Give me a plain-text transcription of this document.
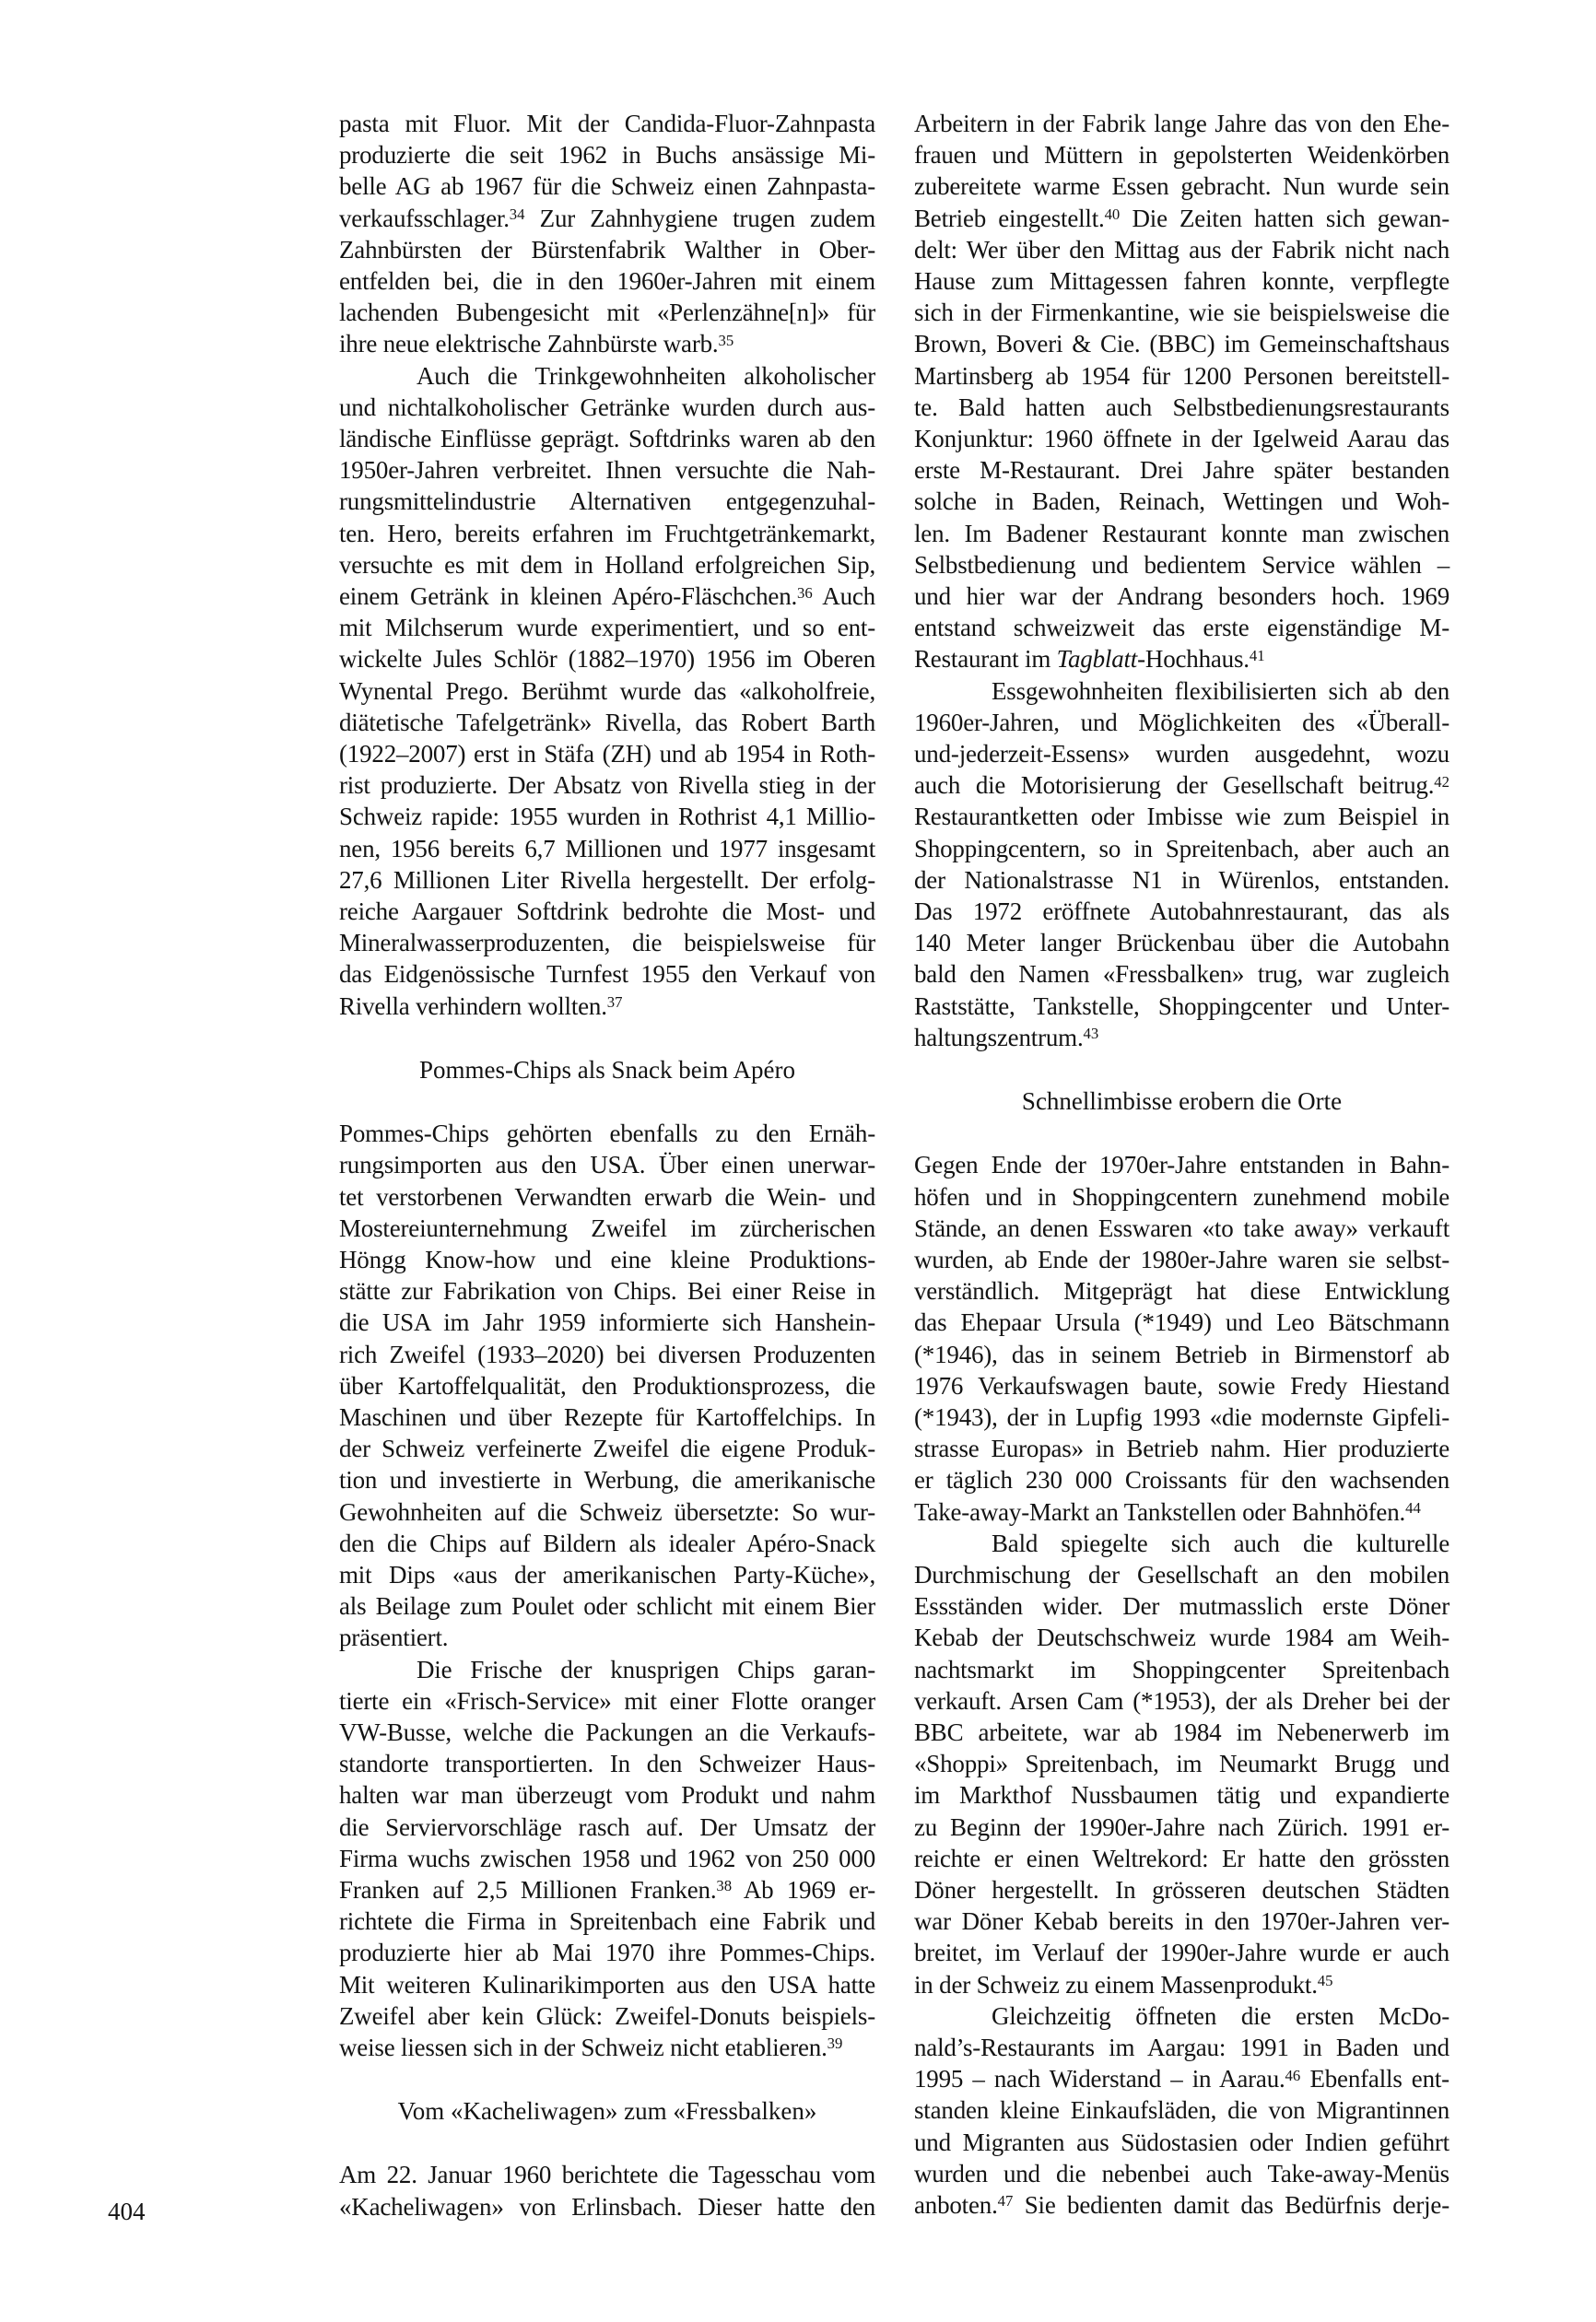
pasta mit Fluor. Mit der Candida-Fluor-Zahnpasta
produzierte die seit 1962 in Buchs ansässige Mi-
belle AG ab 1967 für die Schweiz einen Zahnpasta-
verkaufsschlager.$^{34}$ Zur Zahnhygiene trugen zudem
Zahnbürsten der Bürstenfabrik Walther in Ober-
entfelden bei, die in den 1960er-Jahren mit einem
lachenden Bubengesicht mit «Perlenzähne[n]» für
ihre neue elektrische Zahnbürste warb.$^{35}$
Auch die Trinkgewohnheiten alkoholischer
und nichtalkoholischer Getränke wurden durch aus-
ländische Einflüsse geprägt. Softdrinks waren ab den
1950er-Jahren verbreitet. Ihnen versuchte die Nah-
rungsmittelindustrie Alternativen entgegenzuhal-
ten. Hero, bereits erfahren im Fruchtgetränkemarkt,
versuchte es mit dem in Holland erfolgreichen Sip,
einem Getränk in kleinen Apéro-Fläschchen.$^{36}$ Auch
mit Milchserum wurde experimentiert, und so ent-
wickelte Jules Schlör (1882–1970) 1956 im Oberen
Wynental Prego. Berühmt wurde das «alkoholfreie,
diätetische Tafelgetränk» Rivella, das Robert Barth
(1922–2007) erst in Stäfa (ZH) und ab 1954 in Roth-
rist produzierte. Der Absatz von Rivella stieg in der
Schweiz rapide: 1955 wurden in Rothrist 4,1 Millio-
nen, 1956 bereits 6,7 Millionen und 1977 insgesamt
27,6 Millionen Liter Rivella hergestellt. Der erfolg-
reiche Aargauer Softdrink bedrohte die Most- und
Mineralwasserproduzenten, die beispielsweise für
das Eidgenössische Turnfest 1955 den Verkauf von
Rivella verhindern wollten.$^{37}$
Pommes-Chips als Snack beim Apéro
Pommes-Chips gehörten ebenfalls zu den Ernäh-
rungsimporten aus den USA. Über einen unerwar-
tet verstorbenen Verwandten erwarb die Wein- und
Mostereiunternehmung Zweifel im zürcherischen
Höngg Know-how und eine kleine Produktions-
stätte zur Fabrikation von Chips. Bei einer Reise in
die USA im Jahr 1959 informierte sich Hanshein-
rich Zweifel (1933–2020) bei diversen Produzenten
über Kartoffelqualität, den Produktionsprozess, die
Maschinen und über Rezepte für Kartoffelchips. In
der Schweiz verfeinerte Zweifel die eigene Produk-
tion und investierte in Werbung, die amerikanische
Gewohnheiten auf die Schweiz übersetzte: So wur-
den die Chips auf Bildern als idealer Apéro-Snack
mit Dips «aus der amerikanischen Party-Küche»,
als Beilage zum Poulet oder schlicht mit einem Bier
präsentiert.
Die Frische der knusprigen Chips garan-
tierte ein «Frisch-Service» mit einer Flotte oranger
VW-Busse, welche die Packungen an die Verkaufs-
standorte transportierten. In den Schweizer Haus-
halten war man überzeugt vom Produkt und nahm
die Serviervorschläge rasch auf. Der Umsatz der
Firma wuchs zwischen 1958 und 1962 von 250 000
Franken auf 2,5 Millionen Franken.$^{38}$ Ab 1969 er-
richtete die Firma in Spreitenbach eine Fabrik und
produzierte hier ab Mai 1970 ihre Pommes-Chips.
Mit weiteren Kulinarikimporten aus den USA hatte
Zweifel aber kein Glück: Zweifel-Donuts beispiels-
weise liessen sich in der Schweiz nicht etablieren.$^{39}$
Vom «Kacheliwagen» zum «Fressbalken»
Am 22. Januar 1960 berichtete die Tagesschau vom
«Kacheliwagen» von Erlinsbach. Dieser hatte den
Arbeitern in der Fabrik lange Jahre das von den Ehe-
frauen und Müttern in gepolsterten Weidenkörben
zubereitete warme Essen gebracht. Nun wurde sein
Betrieb eingestellt.$^{40}$ Die Zeiten hatten sich gewan-
delt: Wer über den Mittag aus der Fabrik nicht nach
Hause zum Mittagessen fahren konnte, verpflegte
sich in der Firmenkantine, wie sie beispielsweise die
Brown, Boveri & Cie. (BBC) im Gemeinschaftshaus
Martinsberg ab 1954 für 1200 Personen bereitstell-
te. Bald hatten auch Selbstbedienungsrestaurants
Konjunktur: 1960 öffnete in der Igelweid Aarau das
erste M-Restaurant. Drei Jahre später bestanden
solche in Baden, Reinach, Wettingen und Woh-
len. Im Badener Restaurant konnte man zwischen
Selbstbedienung und bedientem Service wählen –
und hier war der Andrang besonders hoch. 1969
entstand schweizweit das erste eigenständige M-
Restaurant im Tagblatt-Hochhaus.$^{41}$
Essgewohnheiten flexibilisierten sich ab den
1960er-Jahren, und Möglichkeiten des «Überall-
und-jederzeit-Essens» wurden ausgedehnt, wozu
auch die Motorisierung der Gesellschaft beitrug.$^{42}$
Restaurantketten oder Imbisse wie zum Beispiel in
Shoppingcentern, so in Spreitenbach, aber auch an
der Nationalstrasse N1 in Würenlos, entstanden.
Das 1972 eröffnete Autobahnrestaurant, das als
140 Meter langer Brückenbau über die Autobahn
bald den Namen «Fressbalken» trug, war zugleich
Raststätte, Tankstelle, Shoppingcenter und Unter-
haltungszentrum.$^{43}$
Schnellimbisse erobern die Orte
Gegen Ende der 1970er-Jahre entstanden in Bahn-
höfen und in Shoppingcentern zunehmend mobile
Stände, an denen Esswaren «to take away» verkauft
wurden, ab Ende der 1980er-Jahre waren sie selbst-
verständlich. Mitgeprägt hat diese Entwicklung
das Ehepaar Ursula (*1949) und Leo Bätschmann
(*1946), das in seinem Betrieb in Birmenstorf ab
1976 Verkaufswagen baute, sowie Fredy Hiestand
(*1943), der in Lupfig 1993 «die modernste Gipfeli-
strasse Europas» in Betrieb nahm. Hier produzierte
er täglich 230 000 Croissants für den wachsenden
Take-away-Markt an Tankstellen oder Bahnhöfen.$^{44}$
Bald spiegelte sich auch die kulturelle
Durchmischung der Gesellschaft an den mobilen
Essständen wider. Der mutmasslich erste Döner
Kebab der Deutschschweiz wurde 1984 am Weih-
nachtsmarkt im Shoppingcenter Spreitenbach
verkauft. Arsen Cam (*1953), der als Dreher bei der
BBC arbeitete, war ab 1984 im Nebenerwerb im
«Shoppi» Spreitenbach, im Neumarkt Brugg und
im Markthof Nussbaumen tätig und expandierte
zu Beginn der 1990er-Jahre nach Zürich. 1991 er-
reichte er einen Weltrekord: Er hatte den grössten
Döner hergestellt. In grösseren deutschen Städten
war Döner Kebab bereits in den 1970er-Jahren ver-
breitet, im Verlauf der 1990er-Jahre wurde er auch
in der Schweiz zu einem Massenprodukt.$^{45}$
Gleichzeitig öffneten die ersten McDo-
nald’s-Restaurants im Aargau: 1991 in Baden und
1995 – nach Widerstand – in Aarau.$^{46}$ Ebenfalls ent-
standen kleine Einkaufsläden, die von Migrantinnen
und Migranten aus Südostasien oder Indien geführt
wurden und die nebenbei auch Take-away-Menüs
anboten.$^{47}$ Sie bedienten damit das Bedürfnis derje-
404
